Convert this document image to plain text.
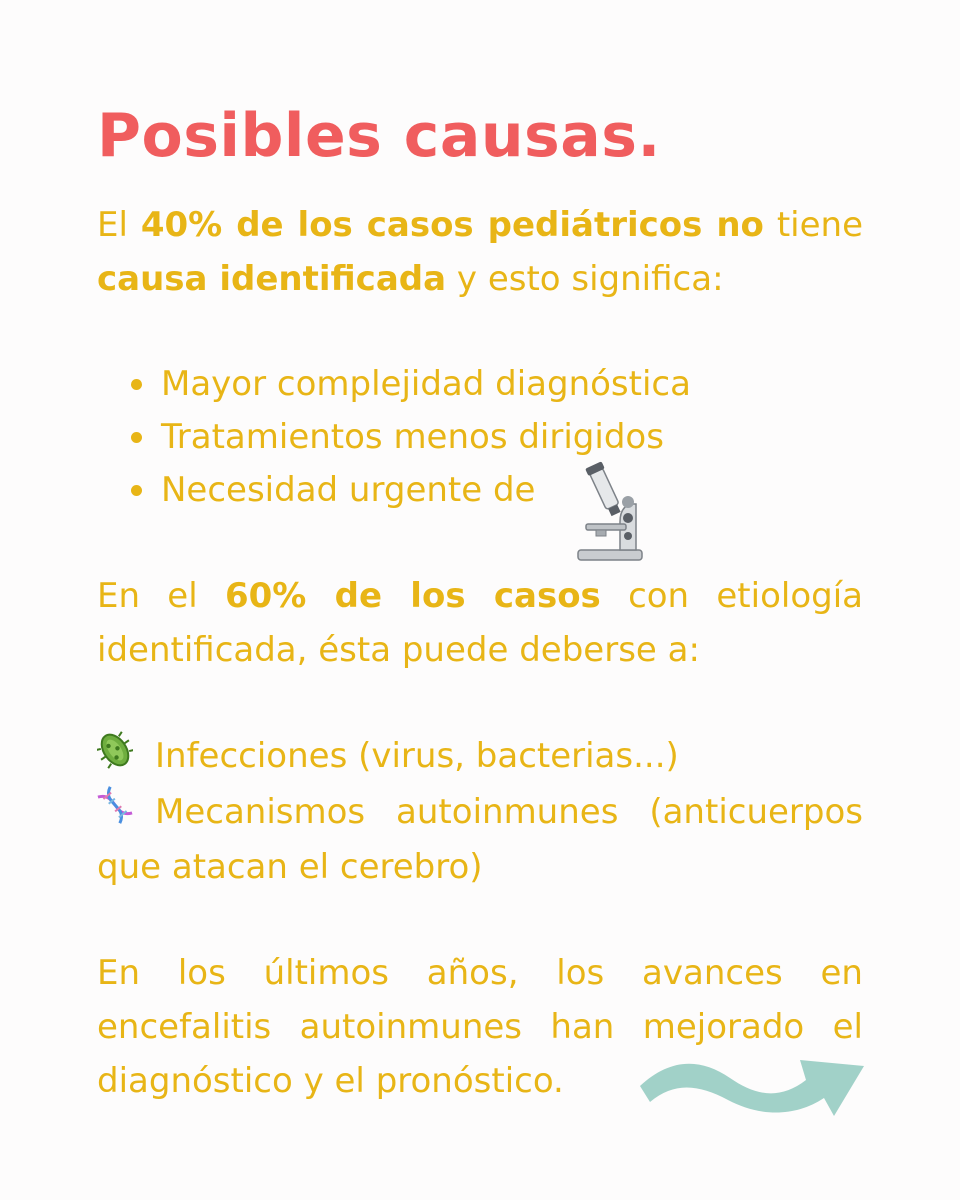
Posibles causas.

El 40% de los casos pediátricos no tiene causa identificada y esto significa:

Mayor complejidad diagnóstica
Tratamientos menos dirigidos
Necesidad urgente de

En el 60% de los casos con etiología identificada, ésta puede deberse a:

Infecciones (virus, bacterias...)
Mecanismos autoinmunes (anticuerpos que atacan el cerebro)

En los últimos años, los avances en encefalitis autoinmunes han mejorado el diagnóstico y el pronóstico.
